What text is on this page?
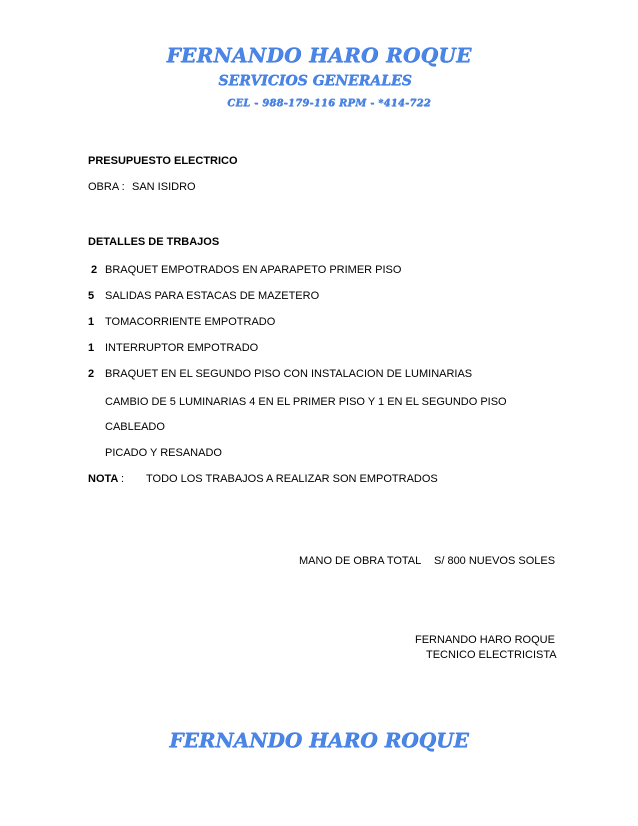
FERNANDO HARO ROQUE
SERVICIOS GENERALES
CEL - 988-179-116 RPM - *414-722
PRESUPUESTO ELECTRICO
OBRA : SAN ISIDRO
DETALLES DE TRBAJOS
2 BRAQUET EMPOTRADOS EN APARAPETO PRIMER PISO
5 SALIDAS PARA ESTACAS DE MAZETERO
1 TOMACORRIENTE EMPOTRADO
1 INTERRUPTOR EMPOTRADO
2 BRAQUET EN EL SEGUNDO PISO CON INSTALACION DE LUMINARIAS
CAMBIO DE 5 LUMINARIAS 4 EN EL PRIMER PISO Y 1 EN EL SEGUNDO PISO
CABLEADO
PICADO Y RESANADO
NOTA : TODO LOS TRABAJOS A REALIZAR SON EMPOTRADOS
MANO DE OBRA TOTAL S/ 800 NUEVOS SOLES
FERNANDO HARO ROQUE
TECNICO ELECTRICISTA
FERNANDO HARO ROQUE
